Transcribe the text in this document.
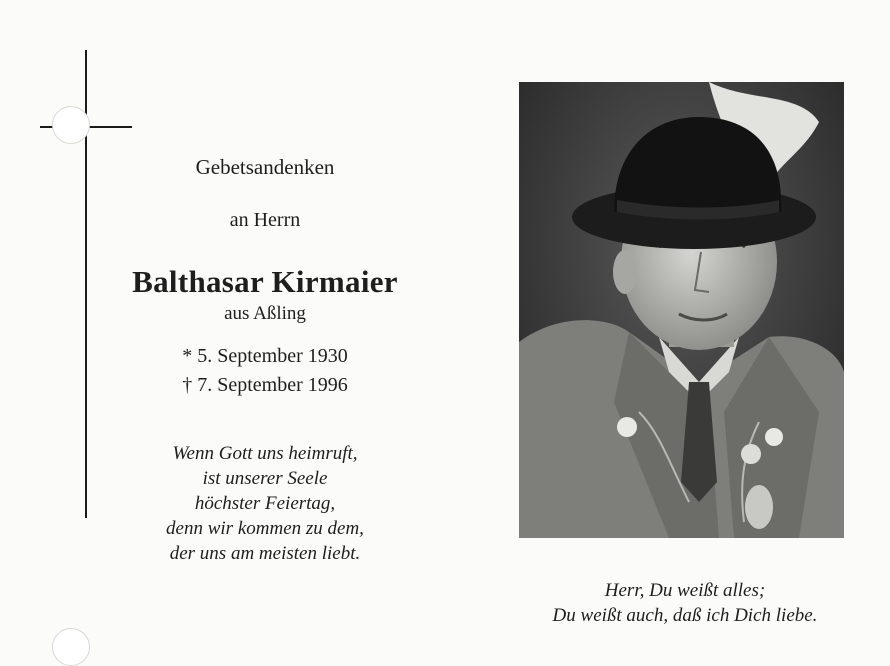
Gebetsandenken
an Herrn
Balthasar Kirmaier
aus Aßling
* 5. September 1930
† 7. September 1996
Wenn Gott uns heimruft,
ist unserer Seele
höchster Feiertag,
denn wir kommen zu dem,
der uns am meisten liebt.
Herr, Du weißt alles;
Du weißt auch, daß ich Dich liebe.
